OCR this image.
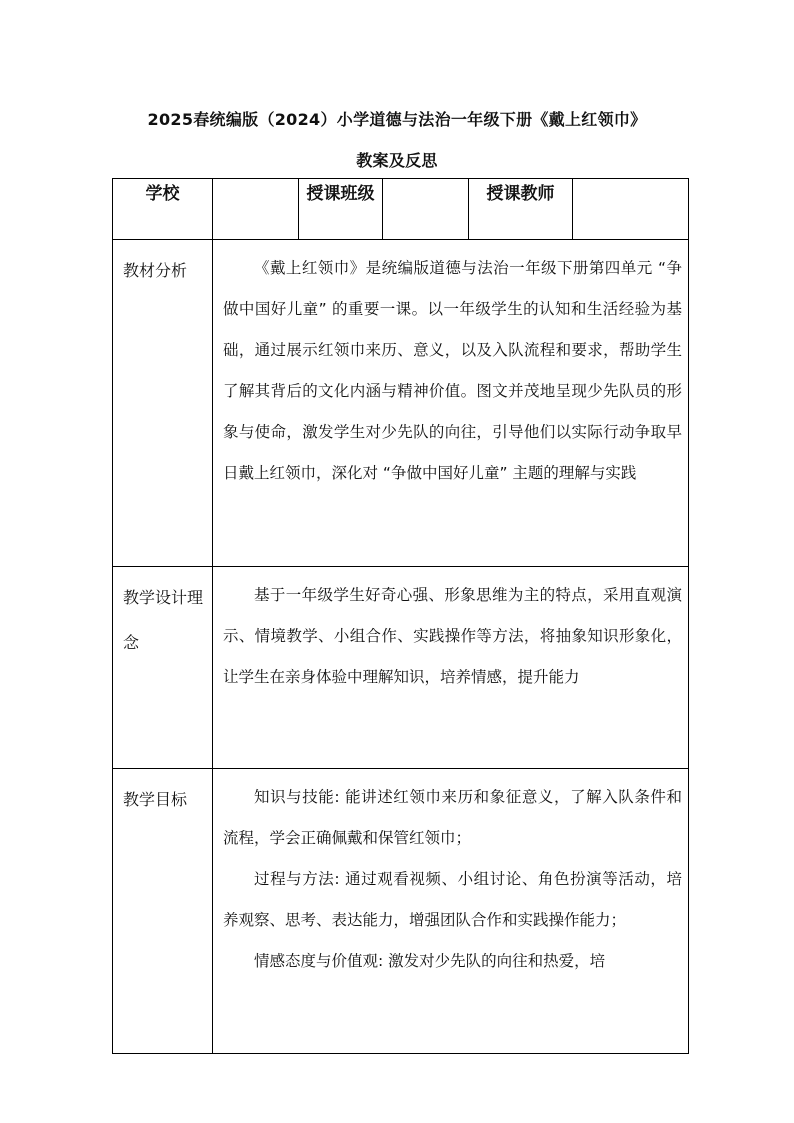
2025春统编版（2024）小学道德与法治一年级下册《戴上红领巾》
教案及反思
学校		授课班级		授课教师	
教材分析	《戴上红领巾》是统编版道德与法治一年级下册第四单元 “争做中国好儿童” 的重要一课。以一年级学生的认知和生活经验为基础，通过展示红领巾来历、意义，以及入队流程和要求，帮助学生了解其背后的文化内涵与精神价值。图文并茂地呈现少先队员的形象与使命，激发学生对少先队的向往，引导他们以实际行动争取早日戴上红领巾，深化对 “争做中国好儿童” 主题的理解与实践				

教学设计理念	基于一年级学生好奇心强、形象思维为主的特点，采用直观演示、情境教学、小组合作、实践操作等方法，将抽象知识形象化，让学生在亲身体验中理解知识，培养情感，提升能力				

教学目标	知识与技能: 能讲述红领巾来历和象征意义，了解入队条件和流程，学会正确佩戴和保管红领巾；

过程与方法: 通过观看视频、小组讨论、角色扮演等活动，培养观察、思考、表达能力，增强团队合作和实践操作能力；

情感态度与价值观: 激发对少先队的向往和热爱，培				
